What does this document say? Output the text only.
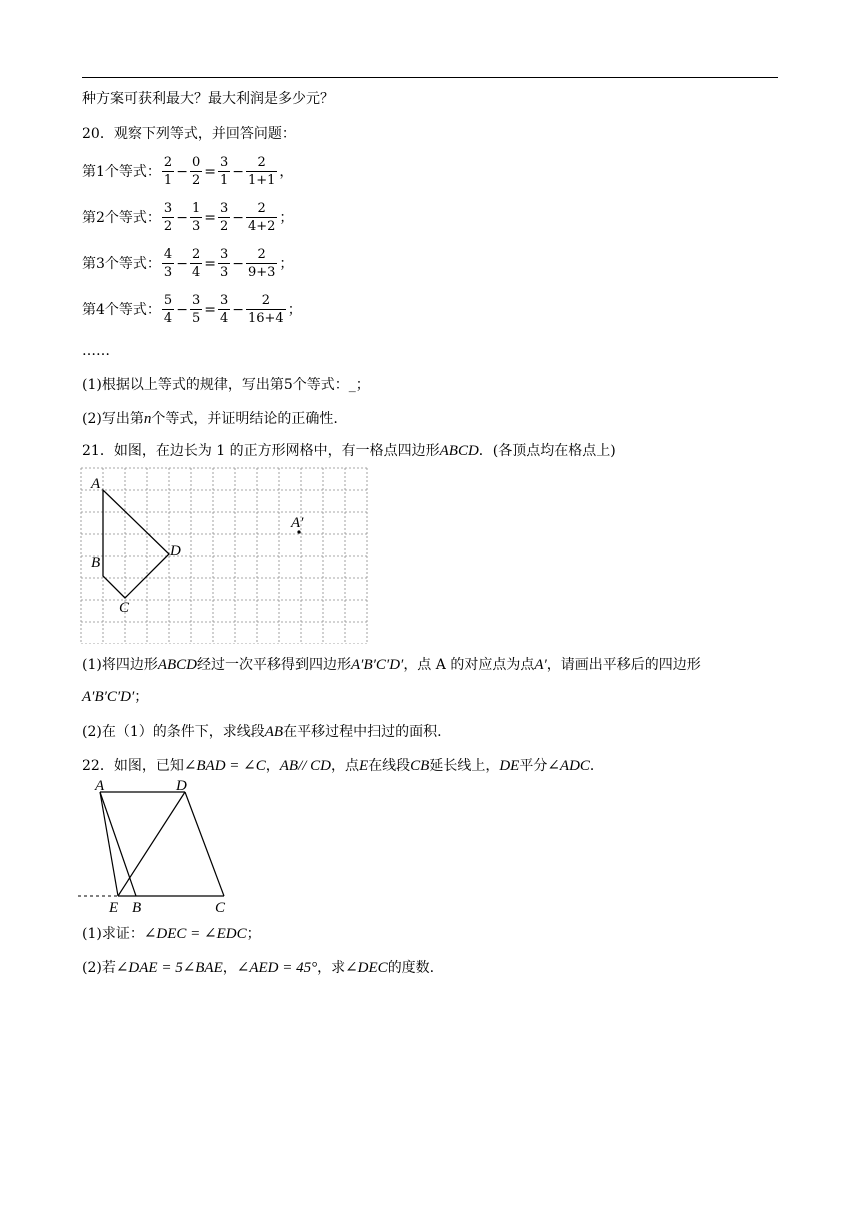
种方案可获利最大？最大利润是多少元？
20．观察下列等式，并回答问题：
第1个等式： $\frac{2}{1} - \frac{0}{2} = \frac{3}{1} - \frac{2}{1+1}$ ，
第2个等式： $\frac{3}{2} - \frac{1}{3} = \frac{3}{2} - \frac{2}{4+2}$ ；
第3个等式： $\frac{4}{3} - \frac{2}{4} = \frac{3}{3} - \frac{2}{9+3}$ ；
第4个等式： $\frac{5}{4} - \frac{3}{5} = \frac{3}{4} - \frac{2}{16+4}$ ；
……
(1)根据以上等式的规律，写出第5个等式：_；
(2)写出第n个等式，并证明结论的正确性.
21．如图，在边长为 1 的正方形网格中，有一格点四边形ABCD．(各顶点均在格点上)
A
B
C
D
A′
(1)将四边形ABCD经过一次平移得到四边形A′B′C′D′，点 A 的对应点为点A′，请画出平移后的四边形
A′B′C′D′；
(2)在（1）的条件下，求线段AB在平移过程中扫过的面积.
22．如图，已知∠BAD = ∠C，AB// CD，点E在线段CB延长线上，DE平分∠ADC．
A	D
E B	C
(1)求证：∠DEC = ∠EDC；
(2)若∠DAE = 5∠BAE，∠AED = 45°，求∠DEC的度数.
